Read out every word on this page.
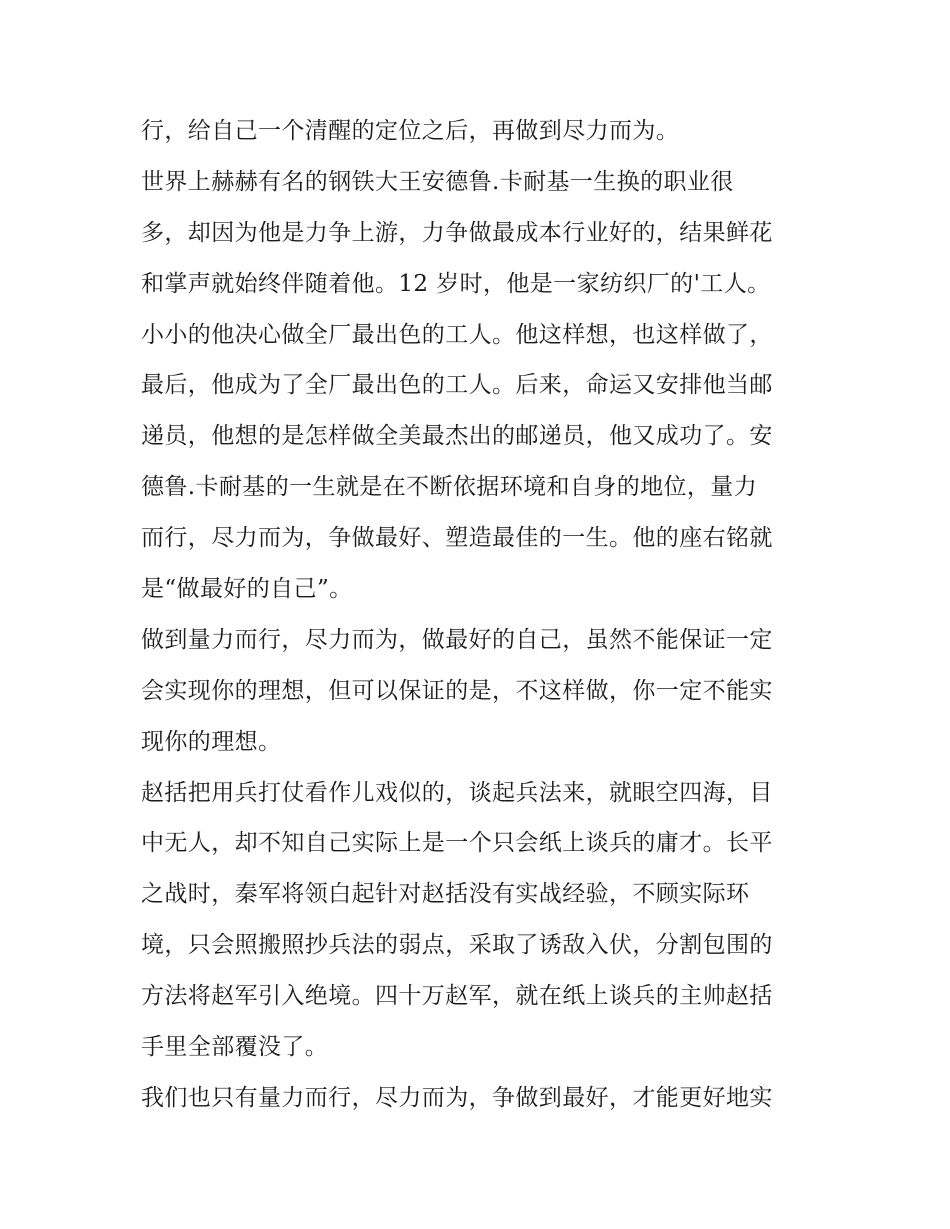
行，给自己一个清醒的定位之后，再做到尽力而为。
世界上赫赫有名的钢铁大王安德鲁.卡耐基一生换的职业很
多，却因为他是力争上游，力争做最成本行业好的，结果鲜花
和掌声就始终伴随着他。12 岁时，他是一家纺织厂的'工人。
小小的他决心做全厂最出色的工人。他这样想，也这样做了，
最后，他成为了全厂最出色的工人。后来，命运又安排他当邮
递员，他想的是怎样做全美最杰出的邮递员，他又成功了。安
德鲁.卡耐基的一生就是在不断依据环境和自身的地位，量力
而行，尽力而为，争做最好、塑造最佳的一生。他的座右铭就
是“做最好的自己”。
做到量力而行，尽力而为，做最好的自己，虽然不能保证一定
会实现你的理想，但可以保证的是，不这样做，你一定不能实
现你的理想。
赵括把用兵打仗看作儿戏似的，谈起兵法来，就眼空四海，目
中无人，却不知自己实际上是一个只会纸上谈兵的庸才。长平
之战时，秦军将领白起针对赵括没有实战经验，不顾实际环
境，只会照搬照抄兵法的弱点，采取了诱敌入伏，分割包围的
方法将赵军引入绝境。四十万赵军，就在纸上谈兵的主帅赵括
手里全部覆没了。
我们也只有量力而行，尽力而为，争做到最好，才能更好地实
